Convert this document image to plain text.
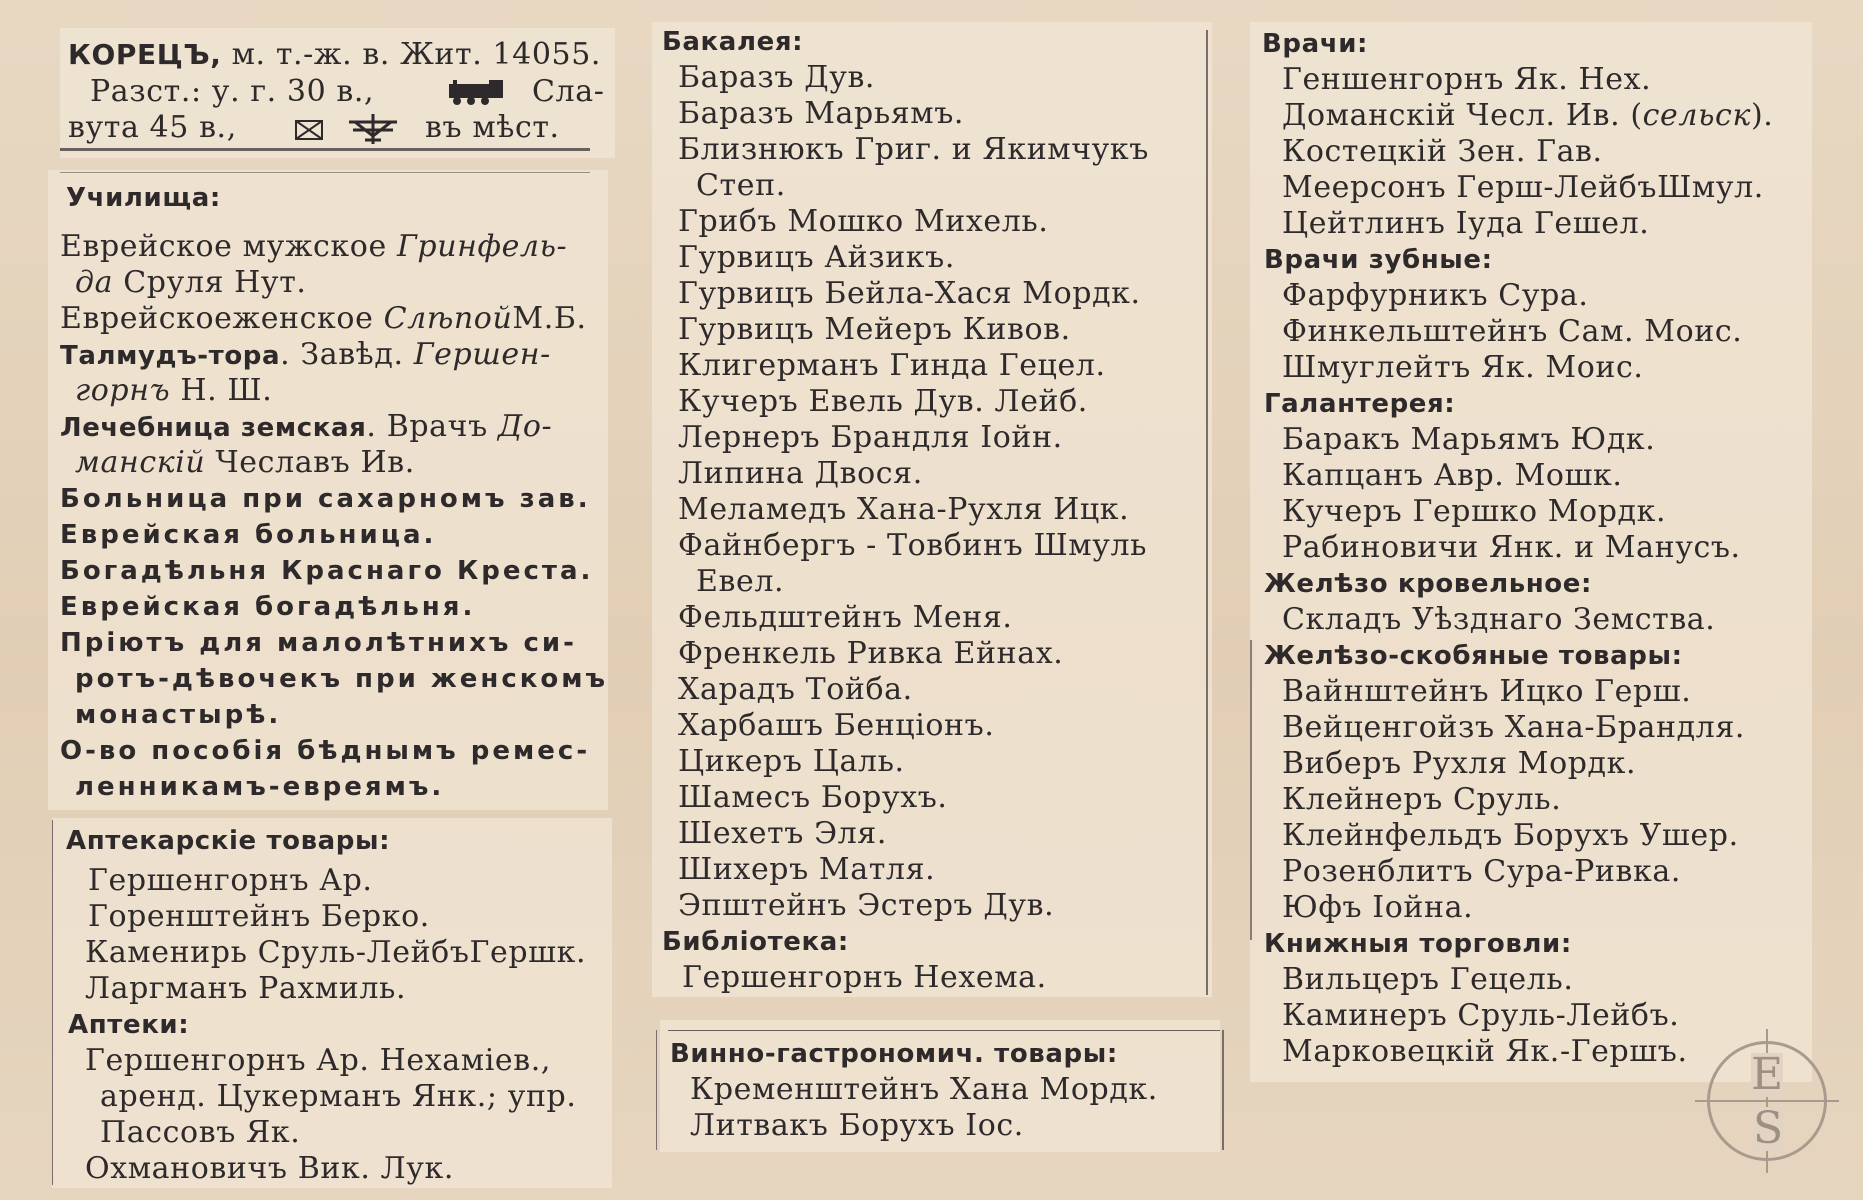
КОРЕЦЪ, м. т.-ж. в. Жит. 14055.
Разст.: у. г. 30 в.,	Сла-
вута 45 в.,	въ мѣст.
Училища:
Еврейское мужское Гринфель-
да Сруля Нут.
Еврейскоеженское СлѣпойМ.Б.
Талмудъ-тора. Завѣд. Гершен-
горнъ Н. Ш.
Лечебница земская. Врачъ До-
манскій Чеславъ Ив.
Больница при сахарномъ зав.
Еврейская больница.
Богадѣльня Краснаго Креста.
Еврейская богадѣльня.
Пріютъ для малолѣтнихъ си-
ротъ-дѣвочекъ при женскомъ
монастырѣ.
О-во пособія бѣднымъ ремес-
ленникамъ-евреямъ.
Аптекарскіе товары:
Гершенгорнъ Ар.
Горенштейнъ Берко.
Каменирь Сруль-ЛейбъГершк.
Ларгманъ Рахмиль.
Аптеки:
Гершенгорнъ Ар. Нехаміев.,
аренд. Цукерманъ Янк.; упр.
Пассовъ Як.
Охмановичъ Вик. Лук.
Бакалея:
Баразъ Дув.
Баразъ Марьямъ.
Близнюкъ Григ. и Якимчукъ
Степ.
Грибъ Мошко Михель.
Гурвицъ Айзикъ.
Гурвицъ Бейла-Хася Мордк.
Гурвицъ Мейеръ Кивов.
Клигерманъ Гинда Гецел.
Кучеръ Евель Дув. Лейб.
Лернеръ Брандля Іойн.
Липина Двося.
Меламедъ Хана-Рухля Ицк.
Файнбергъ - Товбинъ Шмуль
Евел.
Фельдштейнъ Меня.
Френкель Ривка Ейнах.
Харадъ Тойба.
Харбашъ Бенціонъ.
Цикеръ Цаль.
Шамесъ Борухъ.
Шехетъ Эля.
Шихеръ Матля.
Эпштейнъ Эстеръ Дув.
Библіотека:
Гершенгорнъ Нехема.
Винно-гастрономич. товары:
Кременштейнъ Хана Мордк.
Литвакъ Борухъ Іос.
Врачи:
Геншенгорнъ Як. Нех.
Доманскій Чесл. Ив. (сельск).
Костецкій Зен. Гав.
Меерсонъ Герш-ЛейбъШмул.
Цейтлинъ Іуда Гешел.
Врачи зубные:
Фарфурникъ Сура.
Финкельштейнъ Сам. Моис.
Шмуглейтъ Як. Моис.
Галантерея:
Баракъ Марьямъ Юдк.
Капцанъ Авр. Мошк.
Кучеръ Гершко Мордк.
Рабиновичи Янк. и Манусъ.
Желѣзо кровельное:
Складъ Уѣзднаго Земства.
Желѣзо-скобяные товары:
Вайнштейнъ Ицко Герш.
Вейценгойзъ Хана-Брандля.
Виберъ Рухля Мордк.
Клейнеръ Сруль.
Клейнфельдъ Борухъ Ушер.
Розенблитъ Сура-Ривка.
Юфъ Іойна.
Книжныя торговли:
Вильцеръ Гецель.
Каминеръ Сруль-Лейбъ.
Марковецкій Як.-Гершъ. E
S
